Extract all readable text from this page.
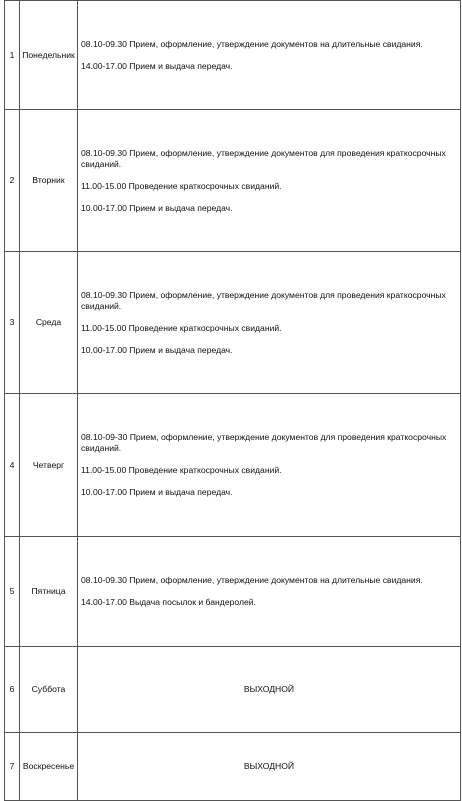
1	Понедельник	08.10-09.30 Прием, оформление, утверждение документов на длительные свидания.

14.00-17.00 Прием и выдача передач.

2	Вторник	08.10-09.30 Прием, оформление, утверждение документов для проведения краткосрочных свиданий.

11.00-15.00 Проведение краткосрочных свиданий.

10.00-17.00 Прием и выдача передач.

3	Среда	08.10-09.30 Прием, оформление, утверждение документов для проведения краткосрочных свиданий.

11.00-15.00 Проведение краткосрочных свиданий.

10.00-17.00 Прием и выдача передач.

4	Четверг	08.10-09-30 Прием, оформление, утверждение документов для проведения краткосрочных свиданий.

11.00-15.00 Проведение краткосрочных свиданий.

10.00-17.00 Прием и выдача передач.

5	Пятница	08.10-09.30 Прием, оформление, утверждение документов на длительные свидания.

14.00-17.00 Выдача посылок и бандеролей.

6	Суббота	ВЫХОДНОЙ
7	Воскресенье	ВЫХОДНОЙ
